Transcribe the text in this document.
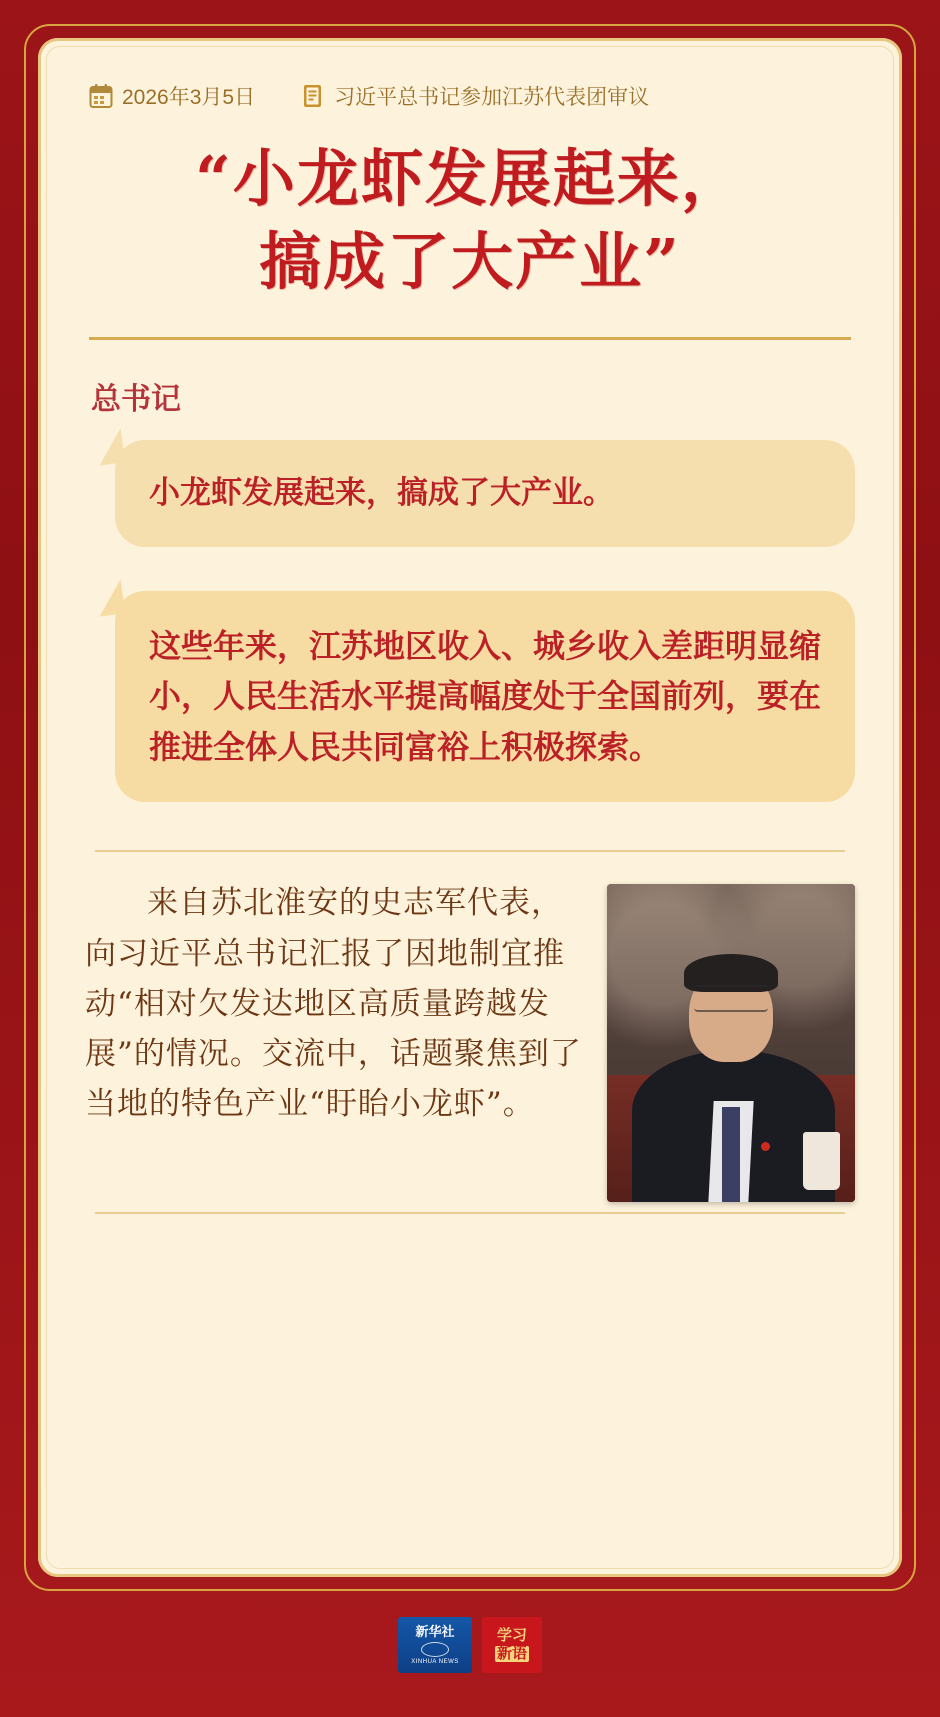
2026年3月5日	习近平总书记参加江苏代表团审议
“小龙虾发展起来，
搞成了大产业”
总书记
小龙虾发展起来，搞成了大产业。
这些年来，江苏地区收入、城乡收入差距明显缩小，人民生活水平提高幅度处于全国前列，要在推进全体人民共同富裕上积极探索。

来自苏北淮安的史志军代表，向习近平总书记汇报了因地制宜推动“相对欠发达地区高质量跨越发展”的情况。交流中，话题聚焦到了当地的特色产业“盱眙小龙虾”。

新华社
XINHUA NEWS
学习
新语
